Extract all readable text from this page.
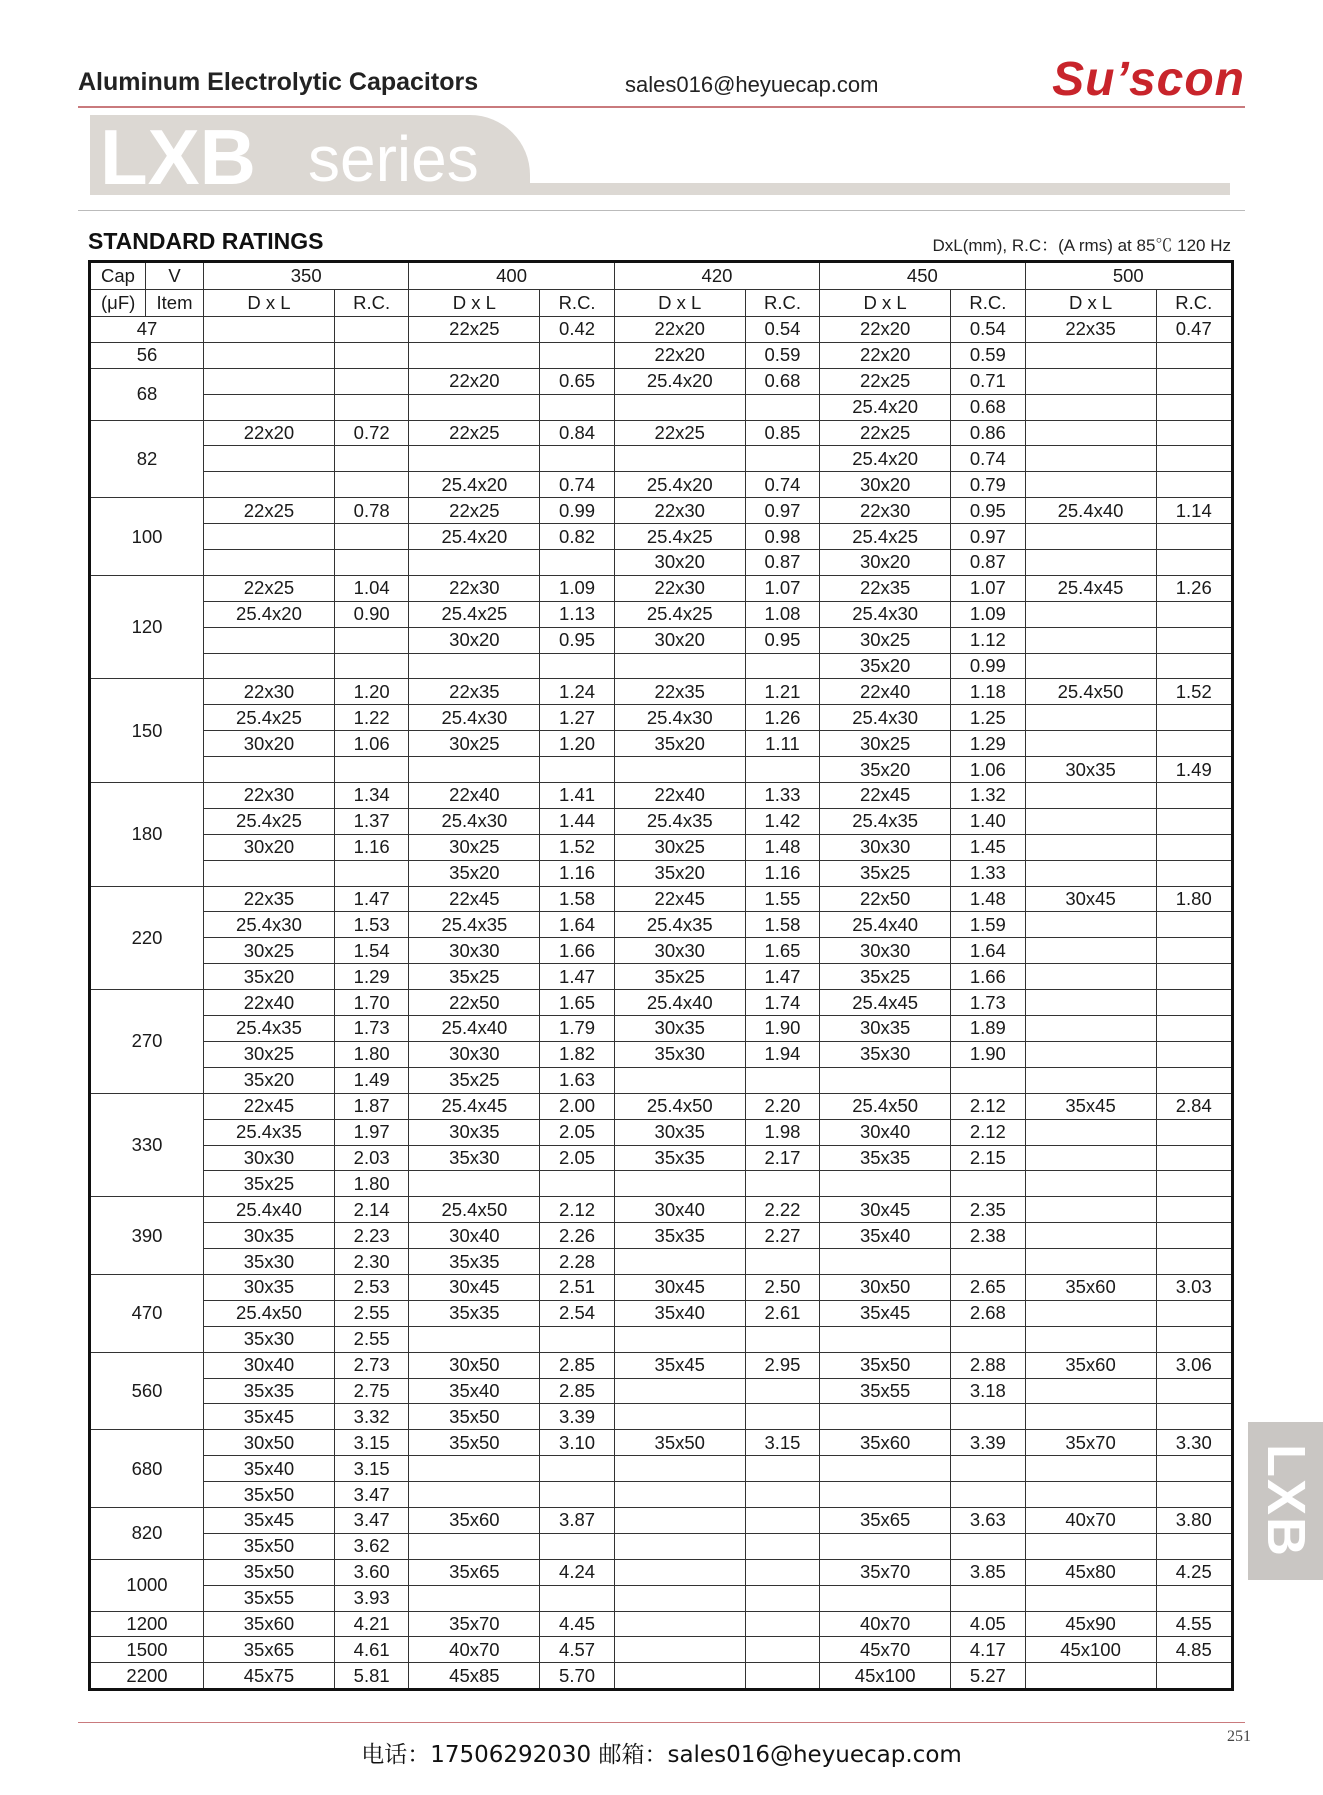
Aluminum Electrolytic Capacitors	sales016@heyuecap.com	Su’scon
LXB series
STANDARD RATINGS	DxL(mm), R.C：(A rms) at 85℃ 120 Hz
Cap	V	350		400		420		450		500	
(μF)	Item	D x L	R.C.	D x L	R.C.	D x L	R.C.	D x L	R.C.	D x L	R.C.
47				22x25	0.42	22x20	0.54	22x20	0.54	22x35	0.47
56						22x20	0.59	22x20	0.59		
68				22x20	0.65	25.4x20	0.68	22x25	0.71		
								25.4x20	0.68		
82		22x20	0.72	22x25	0.84	22x25	0.85	22x25	0.86		
								25.4x20	0.74		
				25.4x20	0.74	25.4x20	0.74	30x20	0.79		
100		22x25	0.78	22x25	0.99	22x30	0.97	22x30	0.95	25.4x40	1.14
				25.4x20	0.82	25.4x25	0.98	25.4x25	0.97		
						30x20	0.87	30x20	0.87		
120		22x25	1.04	22x30	1.09	22x30	1.07	22x35	1.07	25.4x45	1.26
		25.4x20	0.90	25.4x25	1.13	25.4x25	1.08	25.4x30	1.09		
				30x20	0.95	30x20	0.95	30x25	1.12		
								35x20	0.99		
150		22x30	1.20	22x35	1.24	22x35	1.21	22x40	1.18	25.4x50	1.52
		25.4x25	1.22	25.4x30	1.27	25.4x30	1.26	25.4x30	1.25		
		30x20	1.06	30x25	1.20	35x20	1.11	30x25	1.29		
								35x20	1.06	30x35	1.49
180		22x30	1.34	22x40	1.41	22x40	1.33	22x45	1.32		
		25.4x25	1.37	25.4x30	1.44	25.4x35	1.42	25.4x35	1.40		
		30x20	1.16	30x25	1.52	30x25	1.48	30x30	1.45		
				35x20	1.16	35x20	1.16	35x25	1.33		
220		22x35	1.47	22x45	1.58	22x45	1.55	22x50	1.48	30x45	1.80
		25.4x30	1.53	25.4x35	1.64	25.4x35	1.58	25.4x40	1.59		
		30x25	1.54	30x30	1.66	30x30	1.65	30x30	1.64		
		35x20	1.29	35x25	1.47	35x25	1.47	35x25	1.66		
270		22x40	1.70	22x50	1.65	25.4x40	1.74	25.4x45	1.73		
		25.4x35	1.73	25.4x40	1.79	30x35	1.90	30x35	1.89		
		30x25	1.80	30x30	1.82	35x30	1.94	35x30	1.90		
		35x20	1.49	35x25	1.63						
330		22x45	1.87	25.4x45	2.00	25.4x50	2.20	25.4x50	2.12	35x45	2.84
		25.4x35	1.97	30x35	2.05	30x35	1.98	30x40	2.12		
		30x30	2.03	35x30	2.05	35x35	2.17	35x35	2.15		
		35x25	1.80								
390		25.4x40	2.14	25.4x50	2.12	30x40	2.22	30x45	2.35		
		30x35	2.23	30x40	2.26	35x35	2.27	35x40	2.38		
		35x30	2.30	35x35	2.28						
470		30x35	2.53	30x45	2.51	30x45	2.50	30x50	2.65	35x60	3.03
		25.4x50	2.55	35x35	2.54	35x40	2.61	35x45	2.68		
		35x30	2.55								
560		30x40	2.73	30x50	2.85	35x45	2.95	35x50	2.88	35x60	3.06
		35x35	2.75	35x40	2.85			35x55	3.18		
		35x45	3.32	35x50	3.39						
680		30x50	3.15	35x50	3.10	35x50	3.15	35x60	3.39	35x70	3.30
		35x40	3.15								
		35x50	3.47								
820		35x45	3.47	35x60	3.87			35x65	3.63	40x70	3.80
		35x50	3.62								
1000		35x50	3.60	35x65	4.24			35x70	3.85	45x80	4.25
		35x55	3.93								
1200		35x60	4.21	35x70	4.45			40x70	4.05	45x90	4.55
1500		35x65	4.61	40x70	4.57			45x70	4.17	45x100	4.85
2200		45x75	5.81	45x85	5.70			45x100	5.27		
LXB
电话：17506292030 邮箱：sales016@heyuecap.com
251
